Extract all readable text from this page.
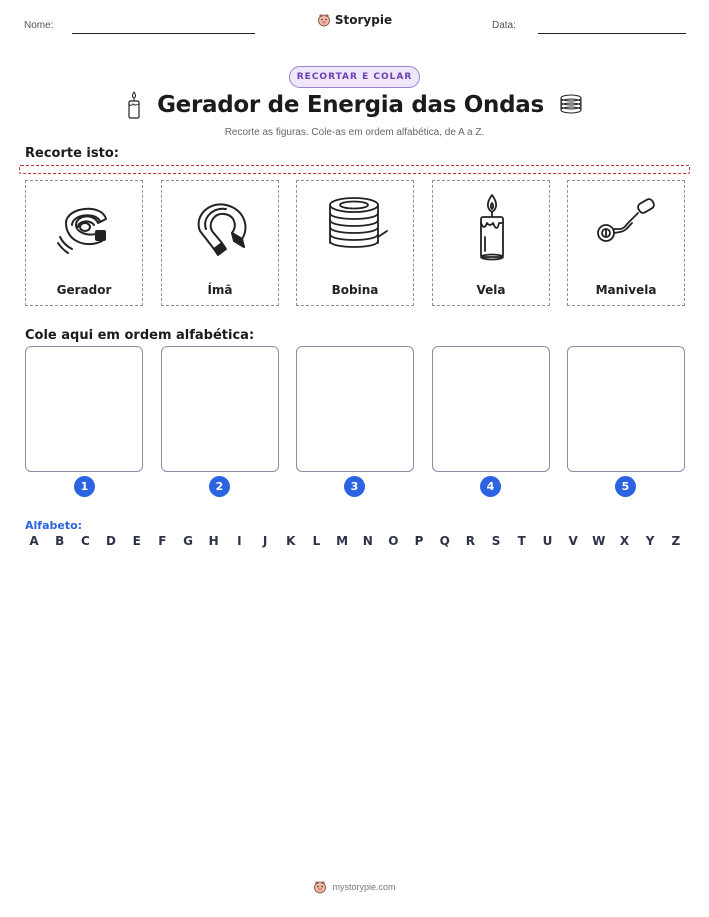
Nome:	Storypie	Data:
RECORTAR E COLAR
Gerador de Energia das Ondas
Recorte as figuras. Cole-as em ordem alfabética, de A a Z.
Recorte isto:
Gerador	Ímã	Bobina	Vela	Manivela
Cole aqui em ordem alfabética:
1	2	3	4	5
Alfabeto:
A	B	C	D	E	F	G	H	I	J	K	L	M	N	O	P	Q	R	S	T	U	V	W	X	Y	Z
mystorypie.com
